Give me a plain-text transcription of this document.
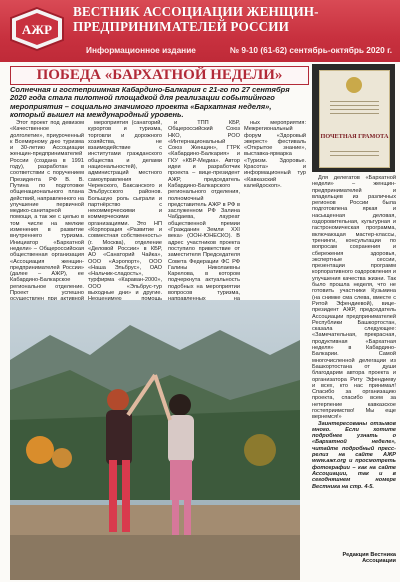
АЖР
ВЕСТНИК АССОЦИАЦИИ ЖЕНЩИН-ПРЕДПРИНИМАТЕЛЕЙ РОССИИ
Информационное издание	№ 9-10 (61-62) сентябрь-октябрь 2020 г.
ПОБЕДА «БАРХАТНОЙ НЕДЕЛИ»
Солнечная и гостеприимная Кабардино-Балкария с 21-го по 27 сентября 2020 года стала пилотной площадкой для реализации событийного мероприятия – социально значимого проекта «Бархатная неделя», который вышел на международный уровень.
ПОЧЕТНАЯ ГРАМОТА

Этот проект под девизом «Качественное долголетие», приуроченный к Всемирному дню туризма и 30-летию Ассоциации женщин-предпринимателей России (создана в 1991 году), разработан в соответствии с поручением Президента РФ В. В. Путина по подготовке общенационального плана действий, направленного на улучшение первичной медико-санитарной помощи, а так же с целью в том числе на мелкие изменения в развитие внутреннего туризма. Инициатор «Бархатной недели» – Общероссийская общественная организация «Ассоциация женщин-предпринимателей России» (далее – АЖР), ее Кабардино-Балкарское региональное отделение. Проект успешно

мероприятия (санаторий, курортов и туризма, торговли и дорожного хозяйства, не взаимодействие с институтами гражданского общества и делами национальностей), администраций местного самоуправления Черекского, Баксанского и Эльбрусского районов. Большую роль сыграли и партнёрство с некоммерческими и коммерческими организациями. Это НП «Корпорация «Развитие и совместная собственность» (г. Москва), отделение «Деловой России» в КБР, АО «Санаторий Чайка», ООО «Аэропорт», ООО «Наша Эльбрус», ОАО «Нальчик-сладость», турфирма «Караван-2000», ООО «Эльбрус-тур выходные дни» и другие.

и ТПП КБР, Общероссийский Союз НКО, РОО «Интернациональный Союз Женщин», ГТРК «Кабардино-Балкария» и ГКУ «КБР-Медиа». Автор идеи и разработчик проекта – вице-президент АЖР, председатель Кабардино-Балкарского регионального отделения, полномочный представитель АЖР в РФ в заслуженном РФ Залина Чабдаева, лауреат общественной премии «Гражданин Земли XXI века» (ООН-ЮНЕСКО). В адрес участников проекта поступило приветствие от заместителя Председателя Совета Федерации ФС РФ Галины Николаевны Карелова, в котором подчеркнута актуальность подобных на мероприятии вопросов туризма,

ных мероприятия: Межрегиональный форум «Здоровый эверест» фестиваль «Открытое знание», выставка-ярмарка «Туризм. Здоровье. Красота» и информационный тур «Кавказский калейдоскоп».

Для делегатов «Бархатной недели» – женщин-предпринимателей и владельцев из различных регионов России была подготовлена яркая и насыщенная деловая, оздоровительная, культурная и гастрономическая программа, включающая мастер-классы, тренинги, консультации по вопросам сохранения и сбережения здоровья, экспертные сессии, презентации программ корпоративного оздоровления и улучшения качества жизни. Так было прошла неделя, что не готовить участники Кузьмина (на снимке сма слева, вместе с Ритой Эфендиевой), вице-президент АЖР, председатель Ассоциации предпринимателей Республики Башкортостан, сказала следующее: «Замечательная, прекрасная, продуктивная «Бархатная неделя» в Кабардино-Балкарии. Самой многочисленной делегации из Башкортостана от души благодарим автора проекта и организатора Риту Эфендиеву и всех, кто нас принимал! Спасибо за организацию проекта, спасибо всем за нетерпение кавказское гостеприимство! Мы еще вернемся!»

Заинтересованы отзывов много. Если хотите подробнее узнать о «Бархатной неделе», читайте подробный пресс-релиз на сайте АЖР www.aжr.org и просмотреть фотографии – как на сайте Ассоциации, так и в сегодняшнем номере Вестника на стр. 4-5.

Редакция Вестника Ассоциации
